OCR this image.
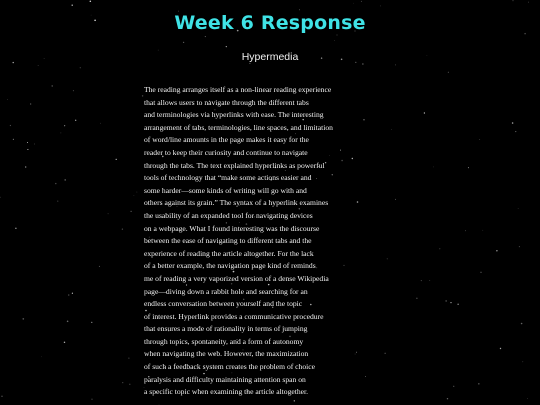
Week 6 Response
Hypermedia
The reading arranges itself as a non-linear reading experience
that allows users to navigate through the different tabs
and terminologies via hyperlinks with ease. The interesting
arrangement of tabs, terminologies, line spaces, and limitation
of word/line amounts in the page makes it easy for the
reader to keep their curiosity and continue to navigate
through the tabs. The text explained hyperlinks as powerful
tools of technology that “make some actions easier and
some harder—some kinds of writing will go with and
others against its grain.” The syntax of a hyperlink examines
the usability of an expanded tool for navigating devices
on a webpage. What I found interesting was the discourse
between the ease of navigating to different tabs and the
experience of reading the article altogether. For the lack
of a better example, the navigation page kind of reminds
me of reading a very vaporized version of a dense Wikipedia
page—diving down a rabbit hole and searching for an
endless conversation between yourself and the topic
of interest. Hyperlink provides a communicative procedure
that ensures a mode of rationality in terms of jumping
through topics, spontaneity, and a form of autonomy
when navigating the web. However, the maximization
of such a feedback system creates the problem of choice
paralysis and difficulty maintaining attention span on
a specific topic when examining the article altogether.
